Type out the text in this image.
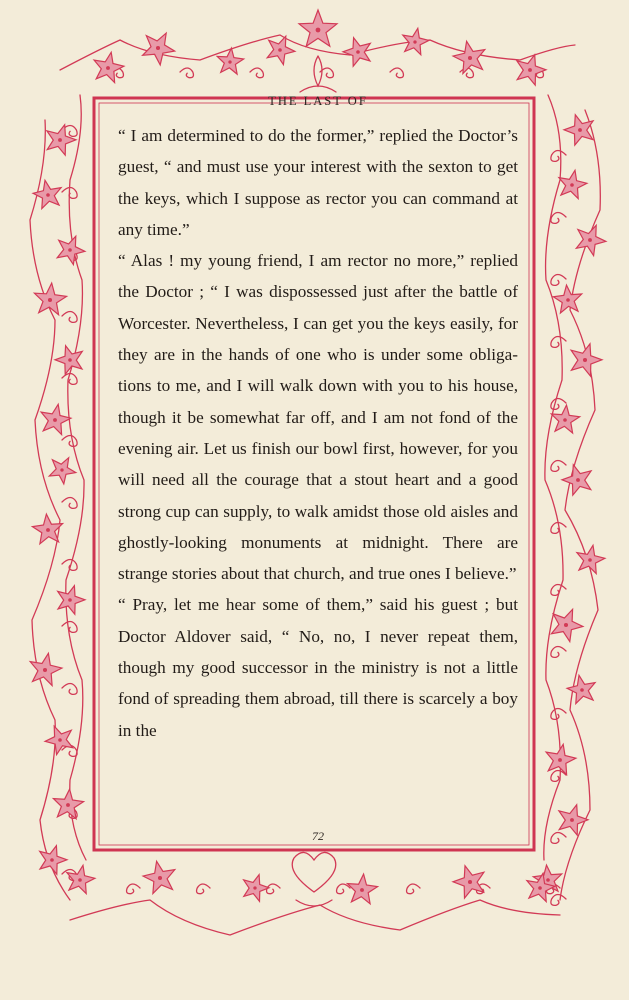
THE LAST OF

“ I am determined to do the former,” replied the Doctor’s guest, “ and must use your interest with the sexton to get the keys, which I suppose as rector you can command at any time.”

“ Alas ! my young friend, I am rector no more,” replied the Doctor ; “ I was dispossessed just after the battle of Worcester. Nevertheless, I can get you the keys easily, for they are in the hands of one who is under some obligations to me, and I will walk down with you to his house, though it be somewhat far off, and I am not fond of the evening air. Let us finish our bowl first, however, for you will need all the courage that a stout heart and a good strong cup can supply, to walk amidst those old aisles and ghostly-looking monuments at midnight. There are strange stories about that church, and true ones I believe.”

“ Pray, let me hear some of them,” said his guest ; but Doctor Aldover said, “ No, no, I never repeat them, though my good successor in the ministry is not a little fond of spreading them abroad, till there is scarcely a boy in the

72
